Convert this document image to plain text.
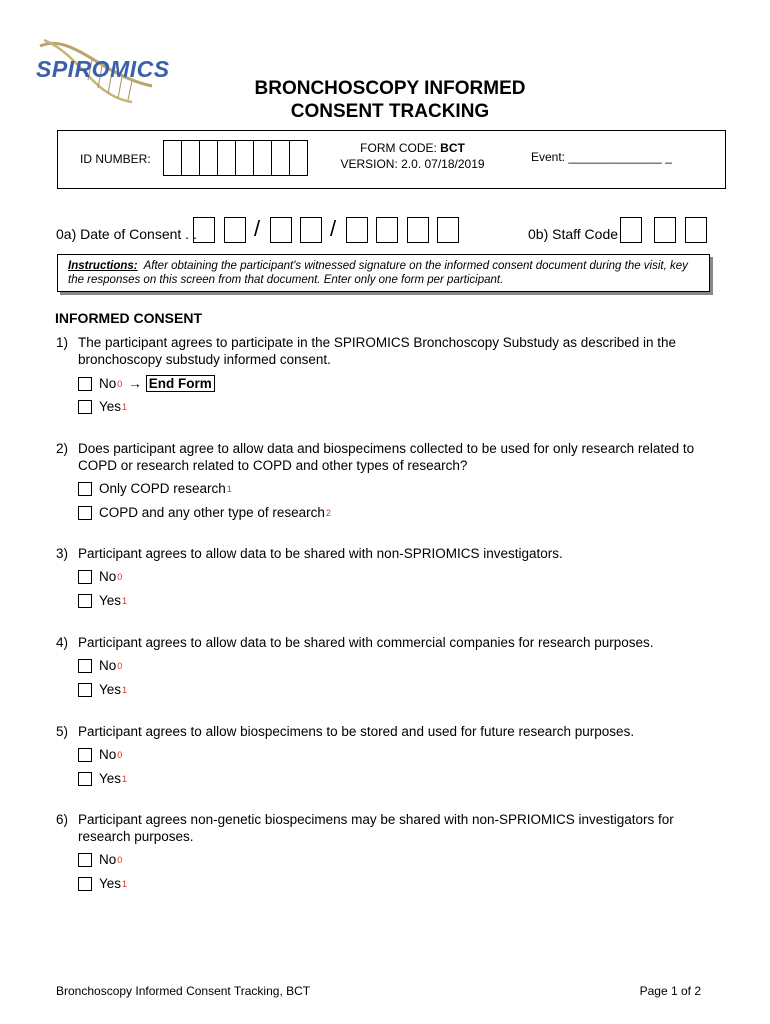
SPIROMICS
BRONCHOSCOPY INFORMED
CONSENT TRACKING
ID NUMBER:
FORM CODE: BCT
VERSION: 2.0. 07/18/2019	Event: ______________ _
0a) Date of Consent . .	/	/	0b) Staff Code
Instructions: After obtaining the participant's witnessed signature on the informed consent document during the visit, key the responses on this screen from that document. Enter only one form per participant.
INFORMED CONSENT
1) The participant agrees to participate in the SPIROMICS Bronchoscopy Substudy as described in the bronchoscopy substudy informed consent.
No 0 → End Form
Yes 1
2) Does participant agree to allow data and biospecimens collected to be used for only research related to COPD or research related to COPD and other types of research?
Only COPD research 1
COPD and any other type of research 2
3) Participant agrees to allow data to be shared with non-SPRIOMICS investigators.
No 0
Yes 1
4) Participant agrees to allow data to be shared with commercial companies for research purposes.
No 0
Yes 1
5) Participant agrees to allow biospecimens to be stored and used for future research purposes.
No 0
Yes 1
6) Participant agrees non-genetic biospecimens may be shared with non-SPRIOMICS investigators for research purposes.
No 0
Yes 1
Bronchoscopy Informed Consent Tracking, BCT	Page 1 of 2
